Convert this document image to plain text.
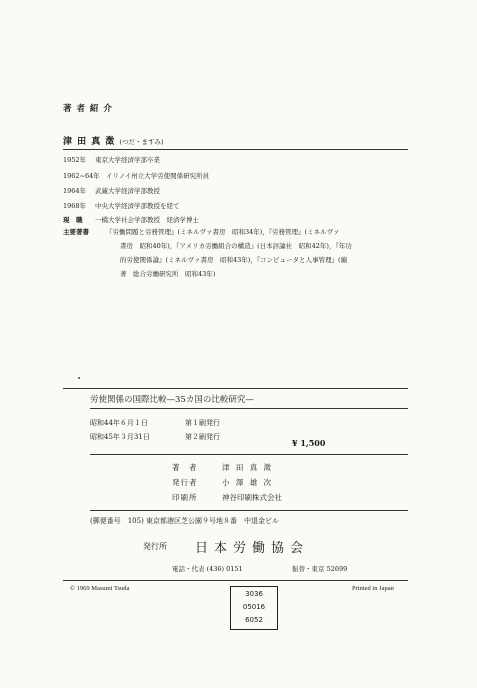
著 者 紹 介
津 田 真 澂 (つだ・ますみ)
1952年 東京大学経済学部卒業
1962~64年 イリノイ州立大学労使関係研究所員
1964年 武蔵大学経済学部教授
1968年 中央大学経済学部教授を経て
現　職 一橋大学社会学部教授　経済学博士
主要著書	『労働問題と労務管理』(ミネルヴァ書房　昭和34年)，『労務管理』(ミネルヴァ
書房　昭和40年)，『アメリカ労働組合の構造』(日本評論社　昭和42年)，『年功
的労使関係論』(ミネルヴァ書房　昭和43年)，『コンピュータと人事管理』(編
著　総合労働研究所　昭和43年)
労使関係の国際比較—35カ国の比較研究—
昭和44年６月１日	第１刷発行
昭和45年３月31日	第２刷発行
¥ 1,500
著　者	津 田 真 澂
発行者	小 澤 雄 次
印刷所	神谷印刷株式会社
(郵便番号　105) 東京都港区芝公園９号地８番　中退金ビル
発行所 日本労働協会
電話・代表 (436) 0151	振替・東京 52699
© 1969 Masumi Tsuda	Printed in Japan
3036
05016
6052
